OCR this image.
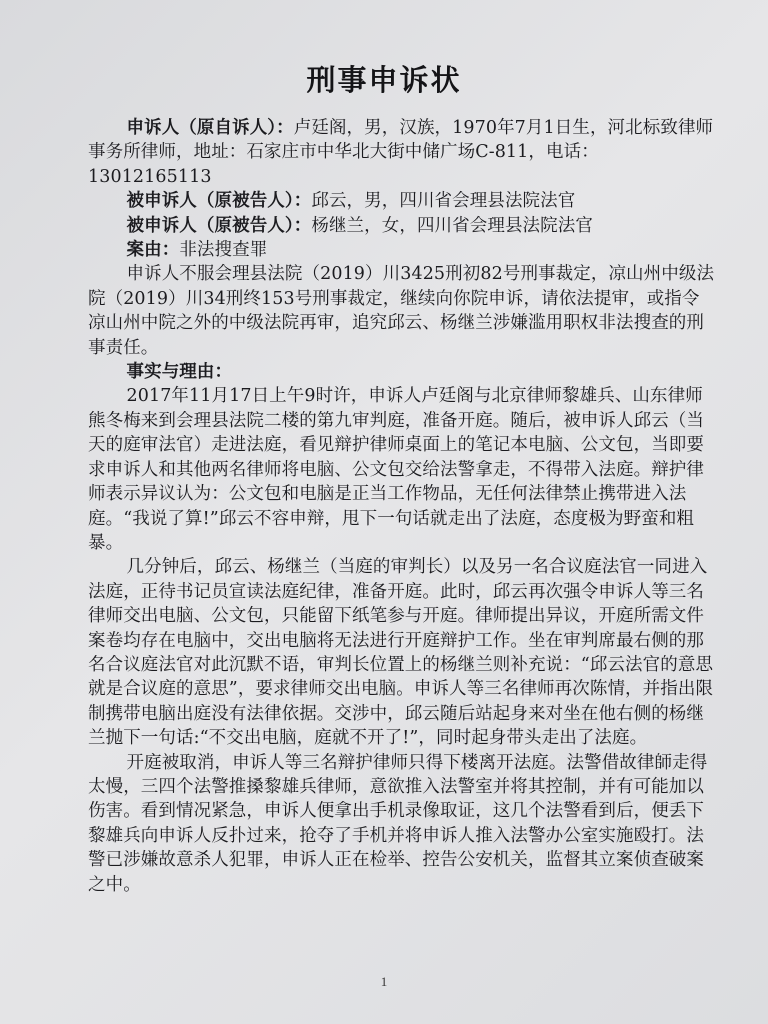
刑事申诉状

申诉人（原自诉人）：卢廷阁，男，汉族，1970年7月1日生，河北标致律师事务所律师，地址：石家庄市中华北大街中储广场C-811，电话：13012165113

被申诉人（原被告人）：邱云，男，四川省会理县法院法官

被申诉人（原被告人）：杨继兰，女，四川省会理县法院法官

案由：非法搜查罪

申诉人不服会理县法院（2019）川3425刑初82号刑事裁定，凉山州中级法院（2019）川34刑终153号刑事裁定，继续向你院申诉，请依法提审，或指令凉山州中院之外的中级法院再审，追究邱云、杨继兰涉嫌滥用职权非法搜查的刑事责任。

事实与理由：

2017年11月17日上午9时许，申诉人卢廷阁与北京律师黎雄兵、山东律师熊冬梅来到会理县法院二楼的第九审判庭，准备开庭。随后，被申诉人邱云（当天的庭审法官）走进法庭，看见辩护律师桌面上的笔记本电脑、公文包，当即要求申诉人和其他两名律师将电脑、公文包交给法警拿走，不得带入法庭。辩护律师表示异议认为：公文包和电脑是正当工作物品，无任何法律禁止携带进入法庭。“我说了算!”邱云不容申辩，甩下一句话就走出了法庭，态度极为野蛮和粗暴。

几分钟后，邱云、杨继兰（当庭的审判长）以及另一名合议庭法官一同进入法庭，正待书记员宣读法庭纪律，准备开庭。此时，邱云再次强令申诉人等三名律师交出电脑、公文包，只能留下纸笔参与开庭。律师提出异议，开庭所需文件案卷均存在电脑中，交出电脑将无法进行开庭辩护工作。坐在审判席最右侧的那名合议庭法官对此沉默不语，审判长位置上的杨继兰则补充说：“邱云法官的意思就是合议庭的意思”，要求律师交出电脑。申诉人等三名律师再次陈情，并指出限制携带电脑出庭没有法律依据。交涉中，邱云随后站起身来对坐在他右侧的杨继兰抛下一句话:“不交出电脑，庭就不开了!”，同时起身带头走出了法庭。

开庭被取消，申诉人等三名辩护律师只得下楼离开法庭。法警借故律師走得太慢，三四个法警推搡黎雄兵律师，意欲推入法警室并将其控制，并有可能加以伤害。看到情况紧急，申诉人便拿出手机录像取证，这几个法警看到后，便丢下黎雄兵向申诉人反扑过来，抢夺了手机并将申诉人推入法警办公室实施殴打。法警已涉嫌故意杀人犯罪，申诉人正在检举、控告公安机关，监督其立案侦查破案之中。

1
